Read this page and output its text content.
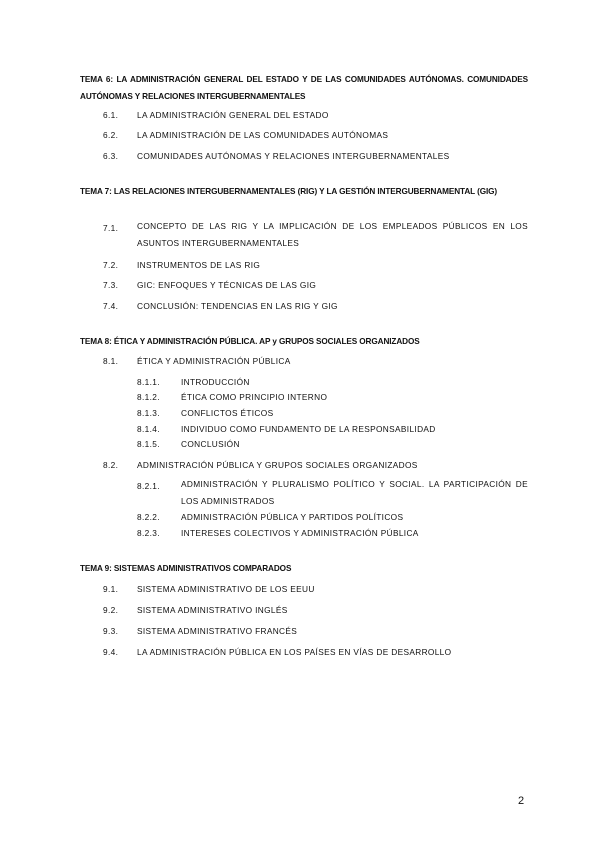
TEMA 6: LA ADMINISTRACIÓN GENERAL DEL ESTADO Y DE LAS COMUNIDADES AUTÓNOMAS. COMUNIDADES AUTÓNOMAS Y RELACIONES INTERGUBERNAMENTALES

6.1. LA ADMINISTRACIÓN GENERAL DEL ESTADO
6.2. LA ADMINISTRACIÓN DE LAS COMUNIDADES AUTÓNOMAS
6.3. COMUNIDADES AUTÓNOMAS Y RELACIONES INTERGUBERNAMENTALES

TEMA 7: LAS RELACIONES INTERGUBERNAMENTALES (RIG) Y LA GESTIÓN INTERGUBERNAMENTAL (GIG)

7.1. CONCEPTO DE LAS RIG Y LA IMPLICACIÓN DE LOS EMPLEADOS PÚBLICOS EN LOS ASUNTOS INTERGUBERNAMENTALES

7.2. INSTRUMENTOS DE LAS RIG
7.3. GIC: ENFOQUES Y TÉCNICAS DE LAS GIG
7.4. CONCLUSIÓN: TENDENCIAS EN LAS RIG Y GIG

TEMA 8: ÉTICA Y ADMINISTRACIÓN PÚBLICA. AP y GRUPOS SOCIALES ORGANIZADOS

8.1. ÉTICA Y ADMINISTRACIÓN PÚBLICA
8.1.1.	INTRODUCCIÓN
8.1.2.	ÉTICA COMO PRINCIPIO INTERNO
8.1.3.	CONFLICTOS ÉTICOS
8.1.4.	INDIVIDUO COMO FUNDAMENTO DE LA RESPONSABILIDAD
8.1.5.	CONCLUSIÓN
8.2. ADMINISTRACIÓN PÚBLICA Y GRUPOS SOCIALES ORGANIZADOS
8.2.1.	ADMINISTRACIÓN Y PLURALISMO POLÍTICO Y SOCIAL. LA PARTICIPACIÓN DE LOS ADMINISTRADOS

8.2.2.	ADMINISTRACIÓN PÚBLICA Y PARTIDOS POLÍTICOS
8.2.3.	INTERESES COLECTIVOS Y ADMINISTRACIÓN PÚBLICA

TEMA 9: SISTEMAS ADMINISTRATIVOS COMPARADOS

9.1. SISTEMA ADMINISTRATIVO DE LOS EEUU
9.2. SISTEMA ADMINISTRATIVO INGLÉS
9.3. SISTEMA ADMINISTRATIVO FRANCÉS
9.4. LA ADMINISTRACIÓN PÚBLICA EN LOS PAÍSES EN VÍAS DE DESARROLLO
2
